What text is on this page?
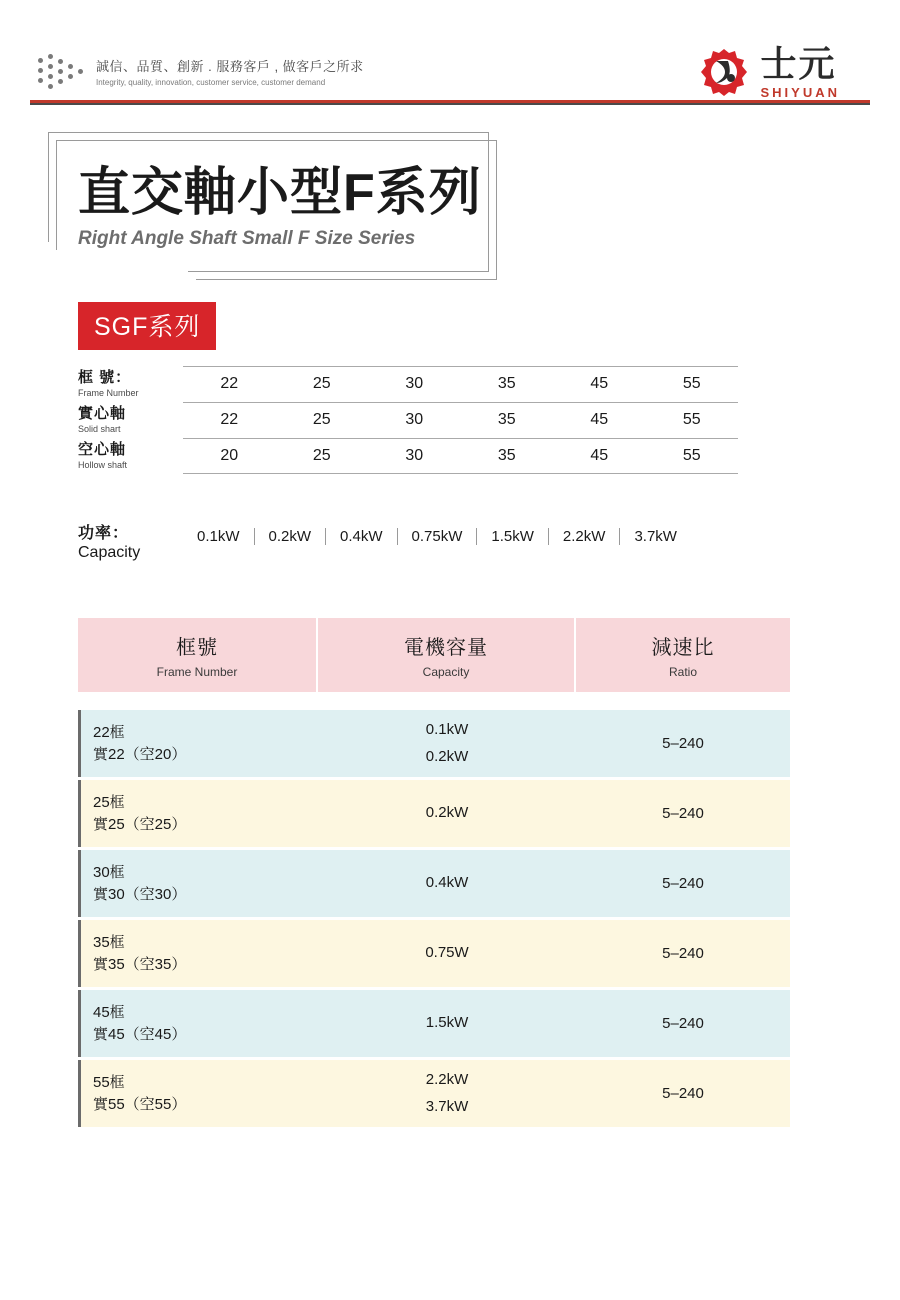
誠信、品質、創新 . 服務客戶 , 做客戶之所求
Integrity, quality, innovation, customer service, customer demand	士元
SHIYUAN
直交軸小型F系列
Right Angle Shaft Small F Size Series
SGF系列
框 號：
Frame Number
22	25	30	35	45	55
實心軸
Solid shart
22	25	30	35	45	55
空心軸
Hollow shaft
20	25	30	35	45	55
功率：
Capacity
0.1kW	0.2kW	0.4kW	0.75kW	1.5kW	2.2kW	3.7kW
框號
Frame Number
電機容量
Capacity
減速比
Ratio
22框
實22（空20）
0.1kW
0.2kW
5–240
25框
實25（空25）
0.2kW	5–240
30框
實30（空30）
0.4kW	5–240
35框
實35（空35）
0.75W	5–240
45框
實45（空45）
1.5kW	5–240
55框
實55（空55）
2.2kW
3.7kW
5–240
